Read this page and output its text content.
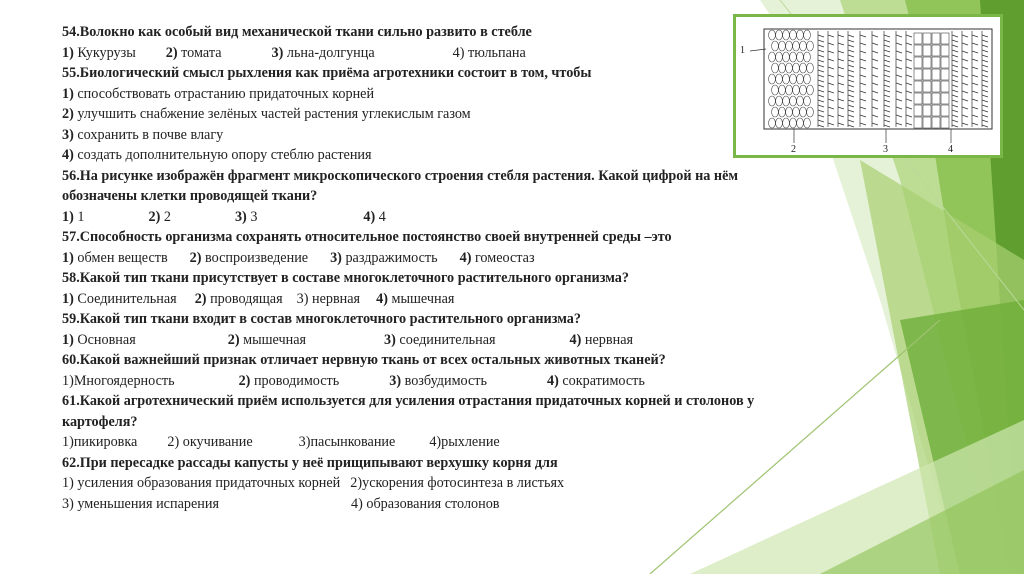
54.Волокно как особый вид механической ткани сильно развито в стебле
1) Кукурузы 2) томата	3) льна-долгунца	4) тюльпана
55.Биологический смысл рыхления как приёма агротехники состоит в том, чтобы
1) способствовать отрастанию придаточных корней
2) улучшить снабжение зелёных частей растения углекислым газом
3) сохранить в почве влагу
4) создать дополнительную опору стеблю растения
56.На рисунке изображён фрагмент микроскопического строения стебля растения. Какой цифрой на нём
обозначены клетки проводящей ткани?
1) 1	2) 2	3) 3	4) 4
57.Способность организма сохранять относительное постоянство своей внутренней среды –это
1) обмен веществ 2) воспроизведение 3) раздражимость 4) гомеостаз
58.Какой тип ткани присутствует в составе многоклеточного растительного организма?
1) Соединительная 2) проводящая 3) нервная 4) мышечная
59.Какой тип ткани входит в состав многоклеточного растительного организма?
1) Основная	2) мышечная	3) соединительная	4) нервная
60.Какой важнейший признак отличает нервную ткань от всех остальных животных тканей?
1)Многоядерность	2) проводимость	3) возбудимость	4) сократимость
61.Какой агротехнический приём используется для усиления отрастания придаточных корней и столонов у
картофеля?
1)пикировка 2) окучивание	3)пасынкование 4)рыхление
62.При пересадке рассады капусты у неё прищипывают верхушку корня для
1) усиления образования придаточных корней 2)ускорения фотосинтеза в листьях
3) уменьшения испарения	4) образования столонов
1
2	3	4
